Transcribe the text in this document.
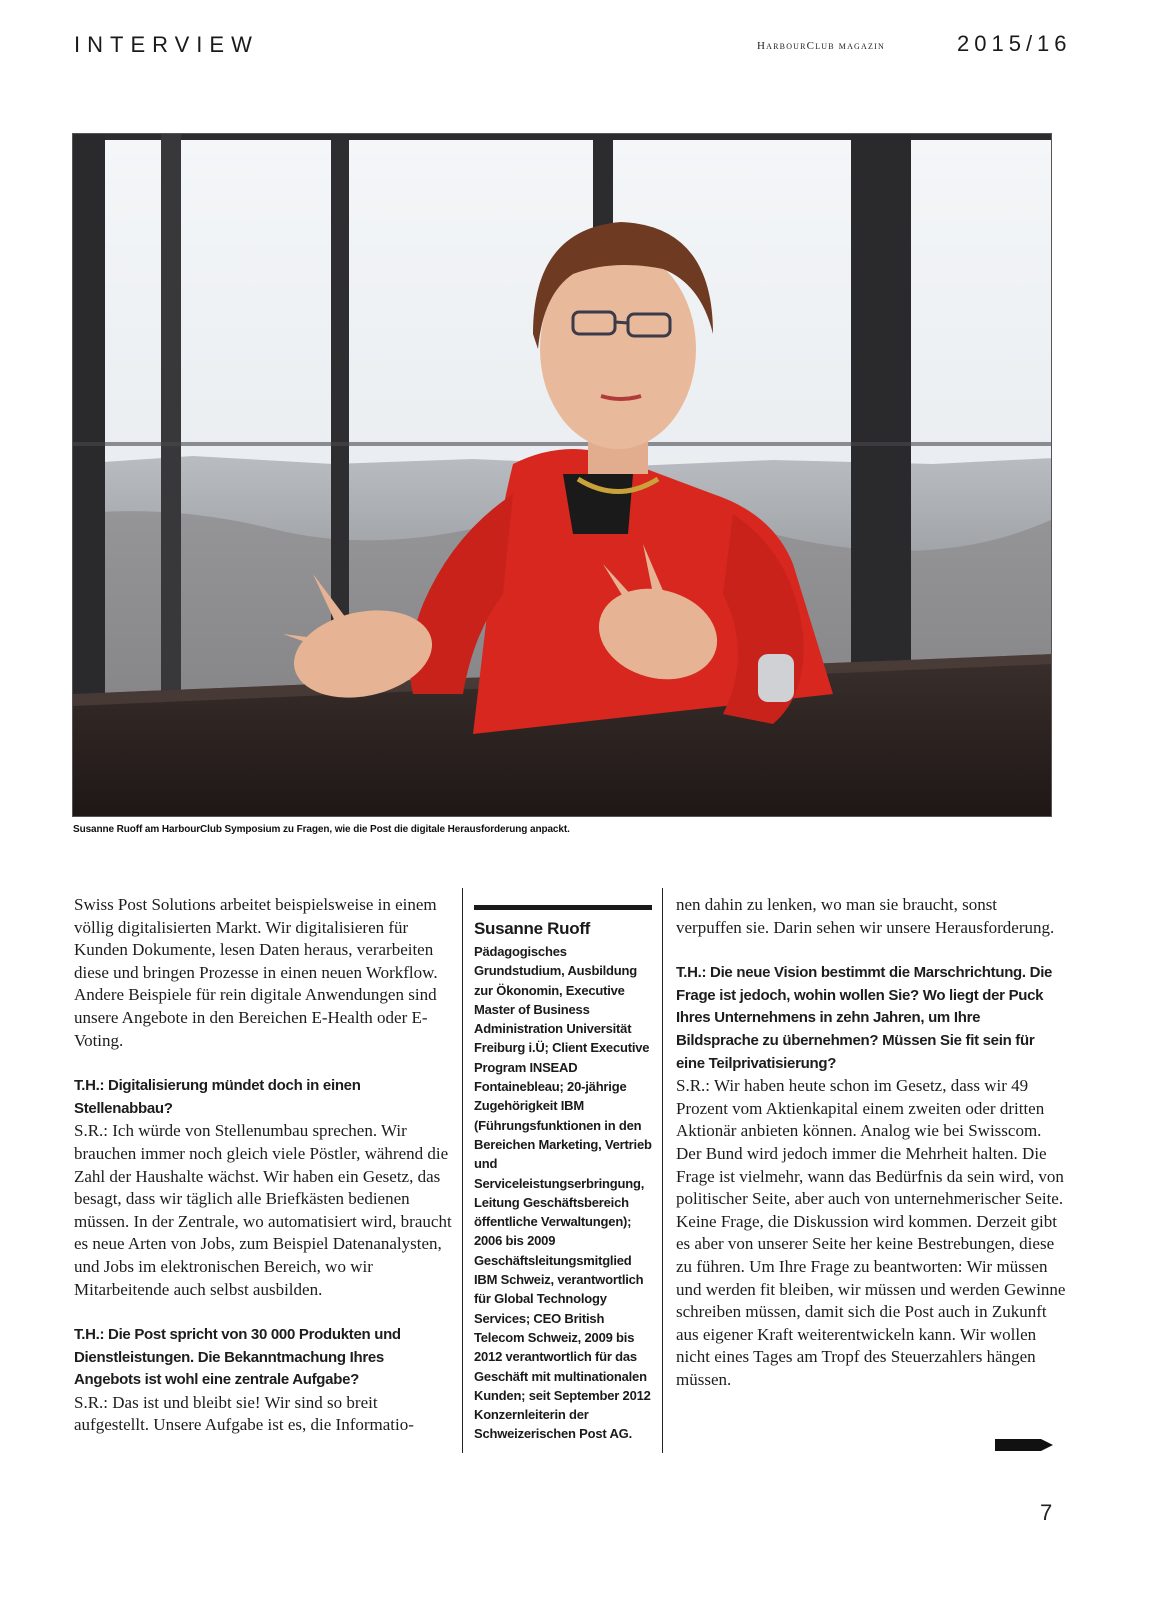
INTERVIEW	HarbourClub magazin	2015/16
Susanne Ruoff am HarbourClub Symposium zu Fragen, wie die Post die digitale Herausforderung anpackt.

Swiss Post Solutions arbeitet beispielsweise in einem völlig digitalisierten Markt. Wir digitalisieren für Kunden Dokumente, lesen Daten heraus, verarbeiten diese und bringen Prozesse in einen neuen Workflow. Andere Beispiele für rein digitale Anwendungen sind unsere Angebote in den Bereichen E-Health oder E-Voting.

T.H.: Digitalisierung mündet doch in einen Stellenabbau?

S.R.: Ich würde von Stellenumbau sprechen. Wir brauchen immer noch gleich viele Pöstler, während die Zahl der Haushalte wächst. Wir haben ein Gesetz, das besagt, dass wir täglich alle Briefkästen bedienen müssen. In der Zentrale, wo automatisiert wird, braucht es neue Arten von Jobs, zum Beispiel Datenanalysten, und Jobs im elektronischen Bereich, wo wir Mitarbeitende auch selbst ausbilden.

T.H.: Die Post spricht von 30 000 Produkten und Dienstleistungen. Die Bekanntmachung Ihres Angebots ist wohl eine zentrale Aufgabe?

S.R.: Das ist und bleibt sie! Wir sind so breit aufgestellt. Unsere Aufgabe ist es, die Informatio-

Susanne Ruoff
Pädagogisches Grundstudium, Ausbildung zur Ökonomin, Executive Master of Business Administration Universität Freiburg i.Ü; Client Executive Program INSEAD Fontainebleau; 20-jährige Zugehörigkeit IBM (Führungsfunktionen in den Bereichen Marketing, Vertrieb und Serviceleistungserbringung, Leitung Geschäftsbereich öffentliche Verwaltungen); 2006 bis 2009 Geschäftsleitungsmitglied IBM Schweiz, verantwortlich für Global Technology Services; CEO British Telecom Schweiz, 2009 bis 2012 verantwortlich für das Geschäft mit multinationalen Kunden; seit September 2012 Konzernleiterin der Schweizerischen Post AG.

nen dahin zu lenken, wo man sie braucht, sonst verpuffen sie. Darin sehen wir unsere Herausforderung.

T.H.: Die neue Vision bestimmt die Marschrichtung. Die Frage ist jedoch, wohin wollen Sie? Wo liegt der Puck Ihres Unternehmens in zehn Jahren, um Ihre Bildsprache zu übernehmen? Müssen Sie fit sein für eine Teilprivatisierung?

S.R.: Wir haben heute schon im Gesetz, dass wir 49 Prozent vom Aktienkapital einem zweiten oder dritten Aktionär anbieten können. Analog wie bei Swisscom. Der Bund wird jedoch immer die Mehrheit halten. Die Frage ist vielmehr, wann das Bedürfnis da sein wird, von politischer Seite, aber auch von unternehmerischer Seite. Keine Frage, die Diskussion wird kommen. Derzeit gibt es aber von unserer Seite her keine Bestrebungen, diese zu führen. Um Ihre Frage zu beantworten: Wir müssen und werden fit bleiben, wir müssen und werden Gewinne schreiben müssen, damit sich die Post auch in Zukunft aus eigener Kraft weiterentwickeln kann. Wir wollen nicht eines Tages am Tropf des Steuerzahlers hängen müssen.

7
